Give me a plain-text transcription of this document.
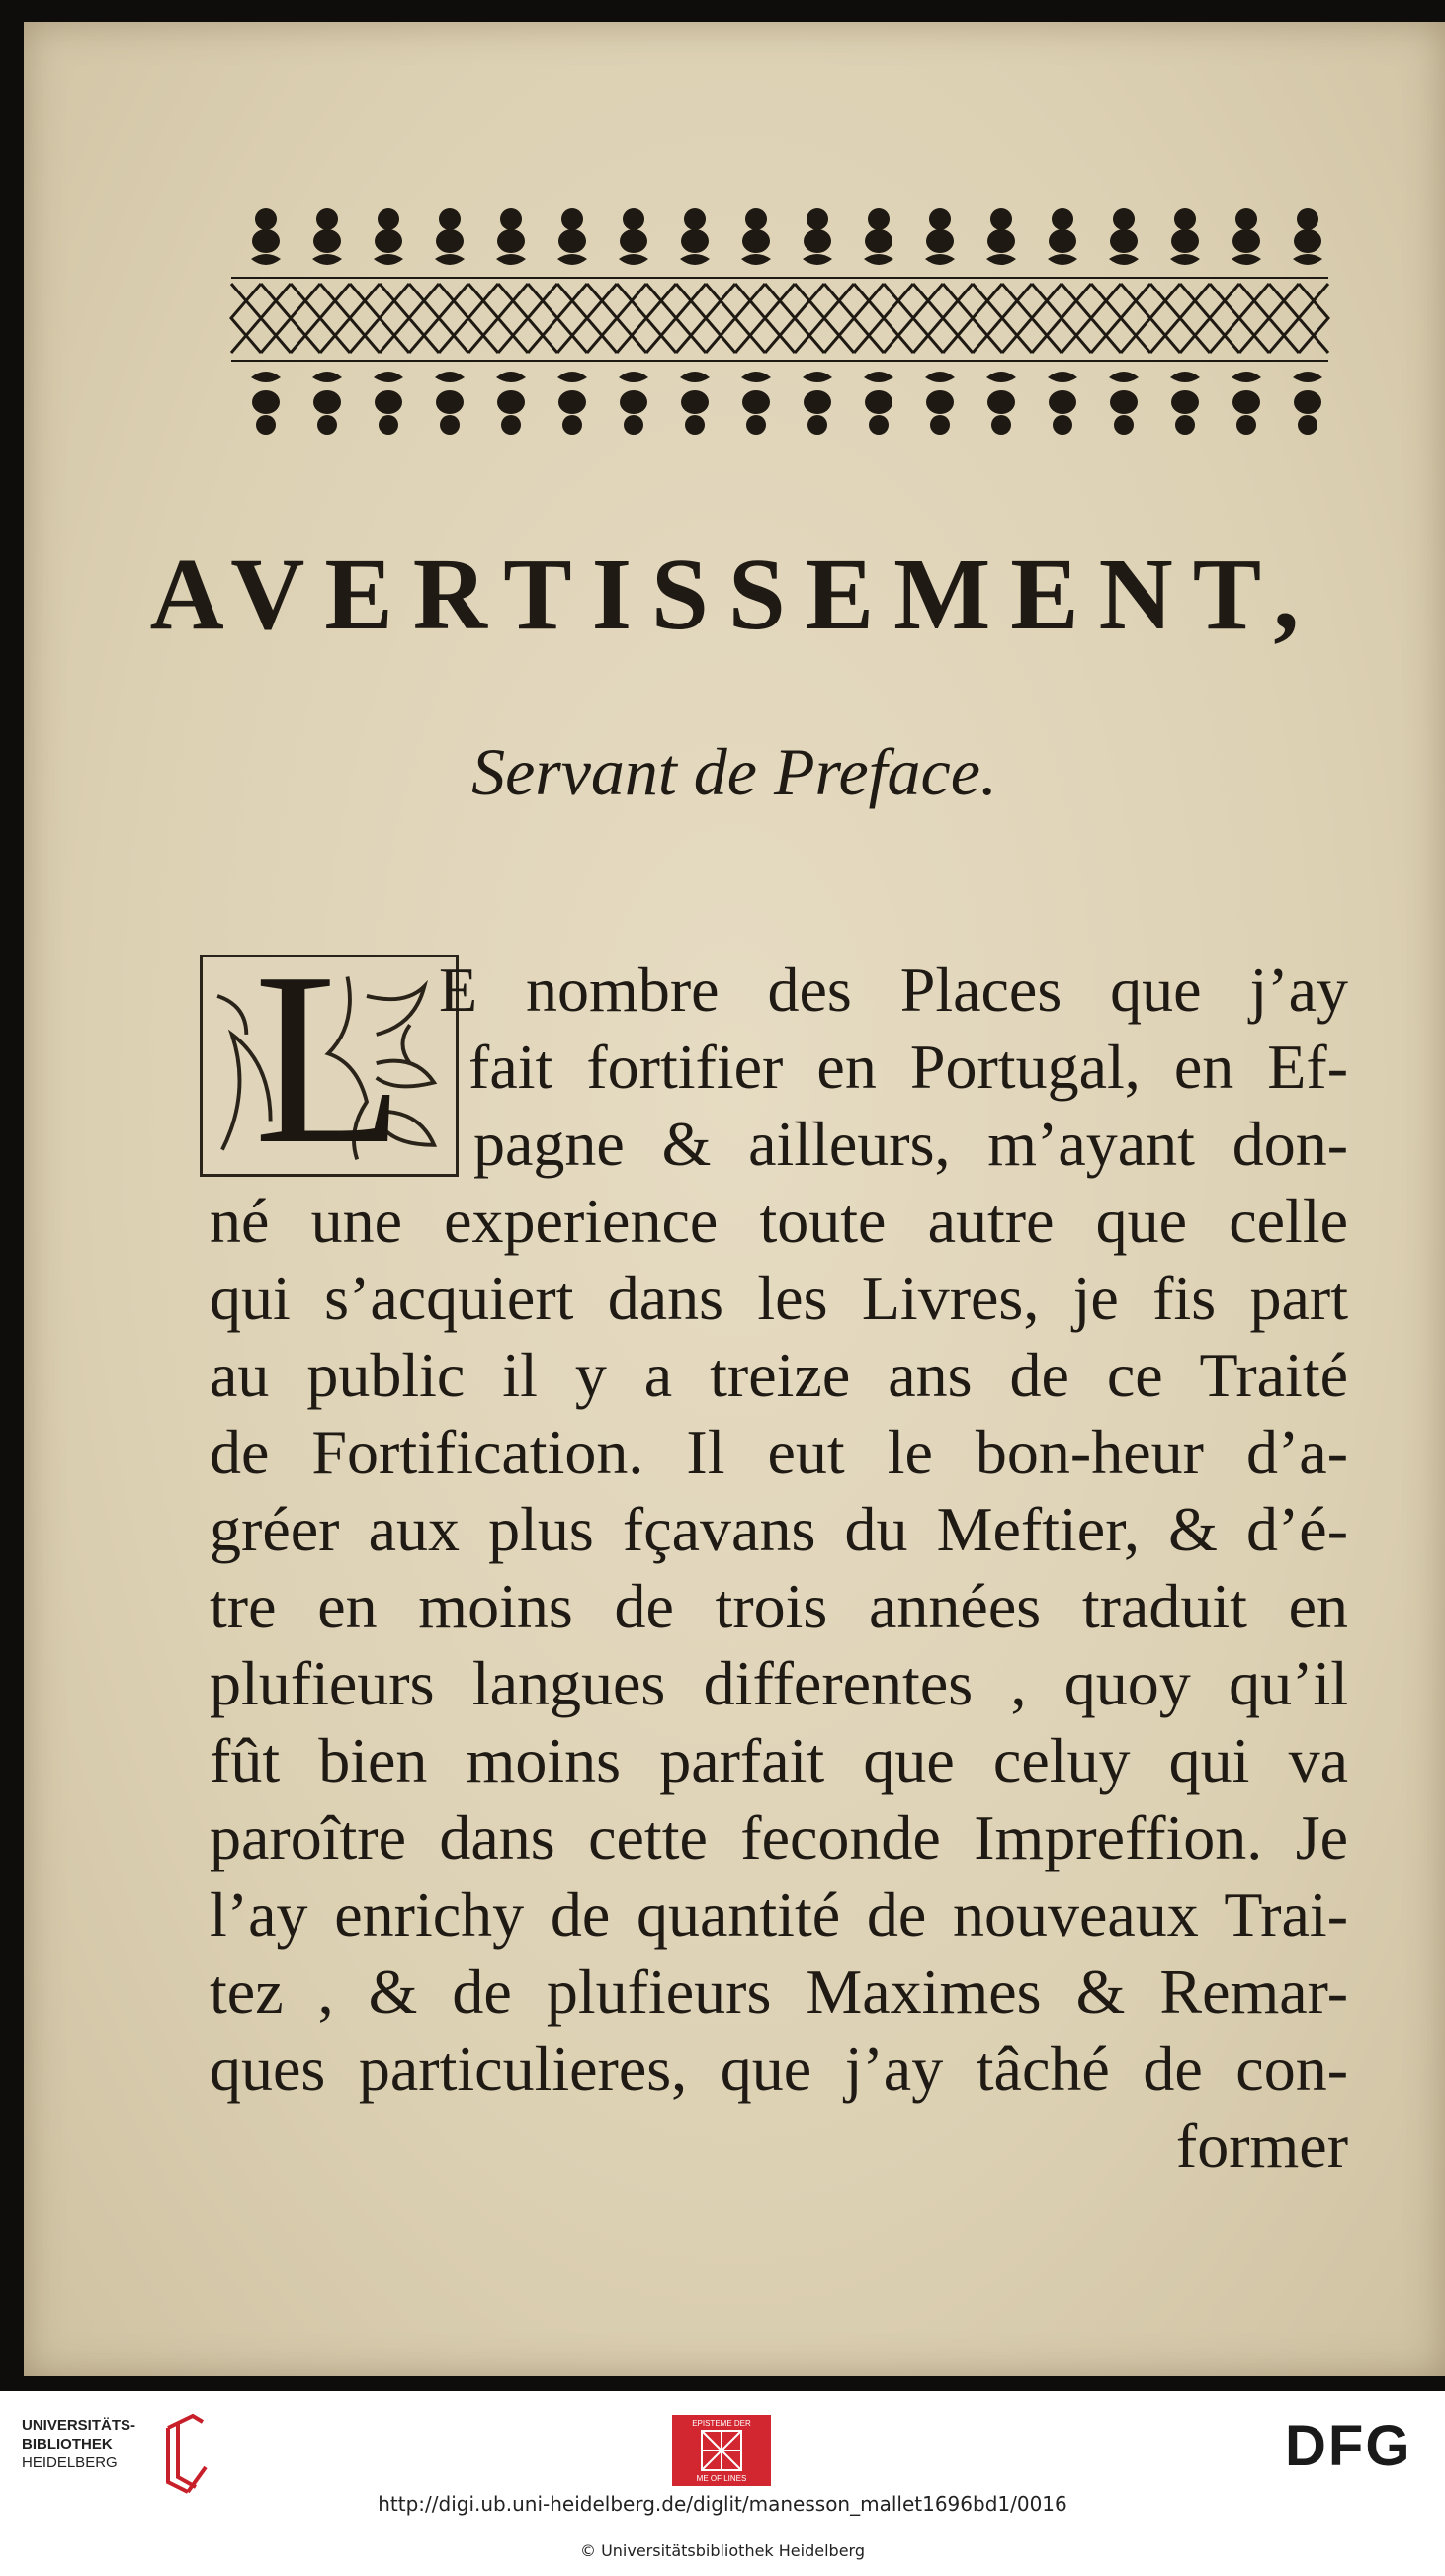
AVERTISSEMENT,
Servant de Preface.
L E nombre des Places que j’ay
fait fortifier en Portugal, en Ef-
pagne & ailleurs, m’ayant don-
né une experience toute autre que celle
qui s’acquiert dans les Livres, je fis part
au public il y a treize ans de ce Traité
de Fortification. Il eut le bon-heur d’a-
gréer aux plus fçavans du Meftier, & d’é-
tre en moins de trois années traduit en
plufieurs langues differentes , quoy qu’il
fût bien moins parfait que celuy qui va
paroître dans cette feconde Impreffion. Je
l’ay enrichy de quantité de nouveaux Trai-
tez , & de plufieurs Maximes & Remar-
ques particulieres, que j’ay tâché de con-
former
UNIVERSITÄTS-
BIBLIOTHEK
HEIDELBERG
EPISTEME DER
ME OF LINES
DFG
http://digi.ub.uni-heidelberg.de/diglit/manesson_mallet1696bd1/0016
© Universitätsbibliothek Heidelberg
